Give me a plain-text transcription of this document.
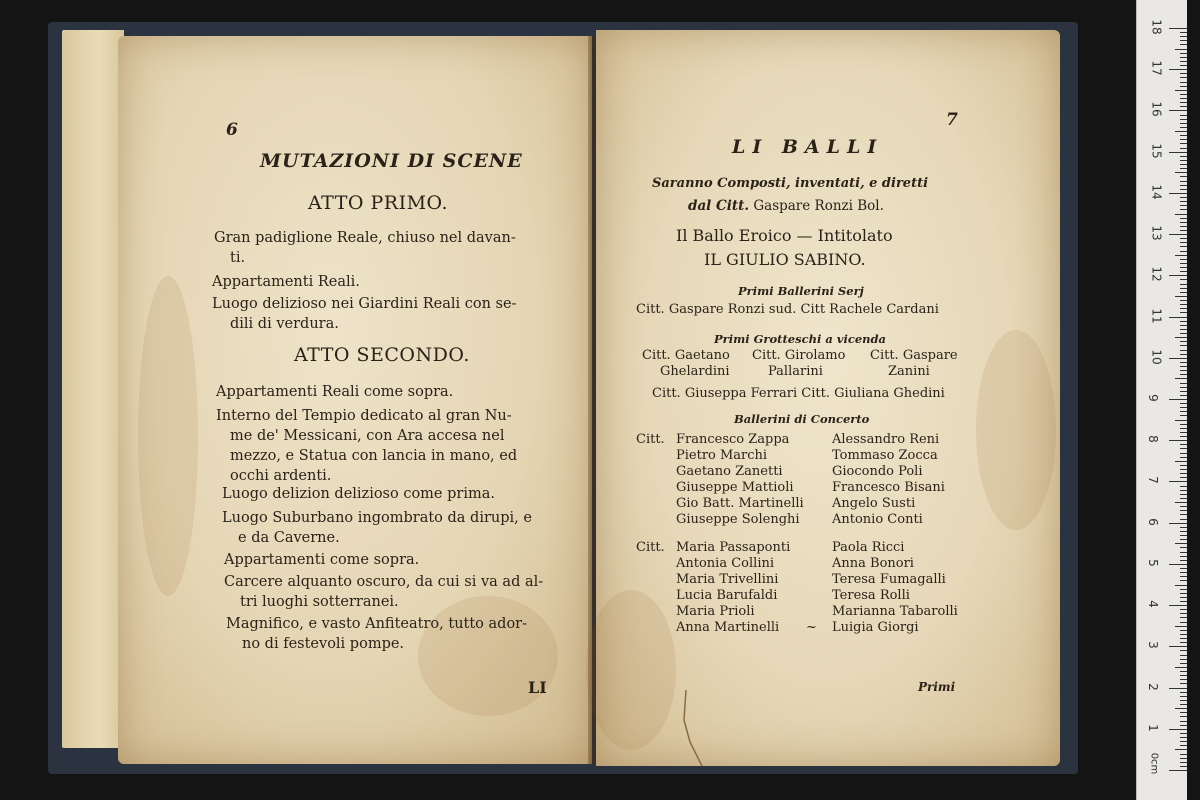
6
MUTAZIONI DI SCENE
ATTO PRIMO.
Gran padiglione Reale, chiuso nel davan-
ti.
Appartamenti Reali.
Luogo delizioso nei Giardini Reali con se-
dili di verdura.
ATTO SECONDO.
Appartamenti Reali come sopra.
Interno del Tempio dedicato al gran Nu-
me de' Messicani, con Ara accesa nel
mezzo, e Statua con lancia in mano, ed
occhi ardenti.
Luogo delizion delizioso come prima.
Luogo Suburbano ingombrato da dirupi, e
e da Caverne.
Appartamenti come sopra.
Carcere alquanto oscuro, da cui si va ad al-
tri luoghi sotterranei.
Magnifico, e vasto Anfiteatro, tutto ador-
no di festevoli pompe.
LI
7
LI BALLI
Saranno Composti, inventati, e diretti
dal Citt. Gaspare Ronzi Bol.
Il Ballo Eroico — Intitolato
IL GIULIO SABINO.
Primi Ballerini Serj
Citt. Gaspare Ronzi sud. Citt Rachele Cardani
Primi Grotteschi a vicenda
Citt. Gaetano Citt. Girolamo Citt. Gaspare
Ghelardini	Pallarini	Zanini
Citt. Giuseppa Ferrari Citt. Giuliana Ghedini
Ballerini di Concerto
Citt. Francesco Zappa
Pietro Marchi
Gaetano Zanetti
Giuseppe Mattioli
Gio Batt. Martinelli
Giuseppe Solenghi
Alessandro Reni
Tommaso Zocca
Giocondo Poli
Francesco Bisani
Angelo Susti
Antonio Conti
Citt. Maria Passaponti
Antonia Collini
Maria Trivellini
Lucia Barufaldi
Maria Prioli
Anna Martinelli ~
Paola Ricci
Anna Bonori
Teresa Fumagalli
Teresa Rolli
Marianna Tabarolli
Luigia Giorgi
Primi
0cm
1
2
3
4
5
6
7
8
9
10
11
12
13
14
15
16
17
18
